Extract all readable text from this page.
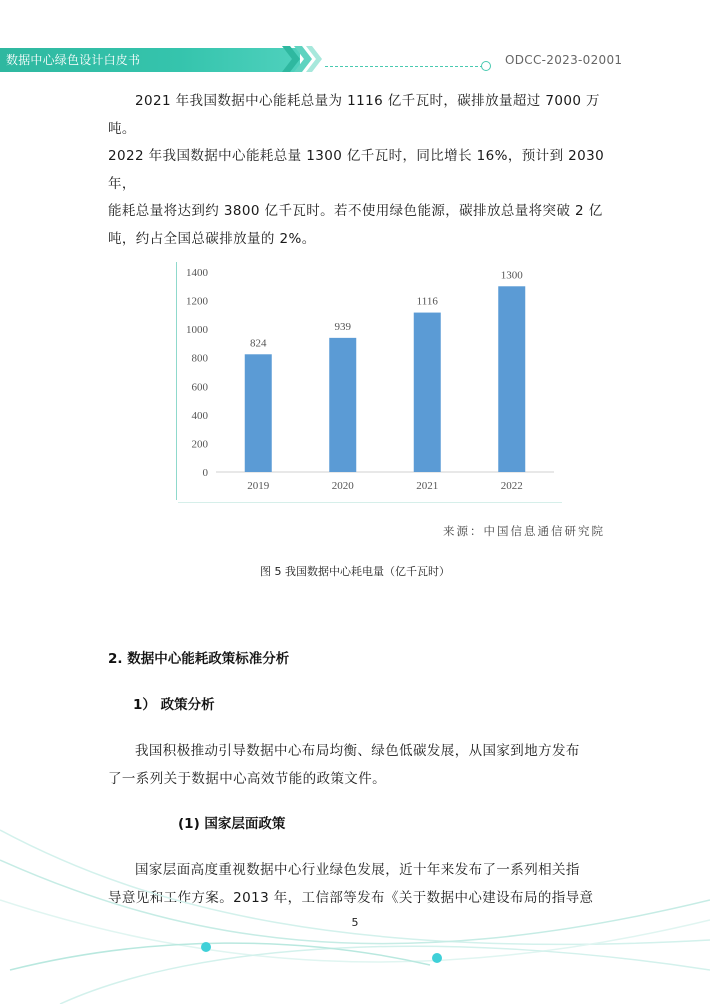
数据中心绿色设计白皮书	ODCC-2023-02001

2021 年我国数据中心能耗总量为 1116 亿千瓦时，碳排放量超过 7000 万吨。
2022 年我国数据中心能耗总量 1300 亿千瓦时，同比增长 16%，预计到 2030 年，
能耗总量将达到约 3800 亿千瓦时。若不使用绿色能源，碳排放总量将突破 2 亿
吨，约占全国总碳排放量的 2%。

0
200
400
600
800
1000
1200
1400
824
2019
939
2020
1116
2021
1300
2022
来源：中国信息通信研究院
图 5 我国数据中心耗电量（亿千瓦时）
2. 数据中心能耗政策标准分析
1） 政策分析

我国积极推动引导数据中心布局均衡、绿色低碳发展，从国家到地方发布
了一系列关于数据中心高效节能的政策文件。

(1) 国家层面政策

国家层面高度重视数据中心行业绿色发展，近十年来发布了一系列相关指
导意见和工作方案。2013 年，工信部等发布《关于数据中心建设布局的指导意

5
